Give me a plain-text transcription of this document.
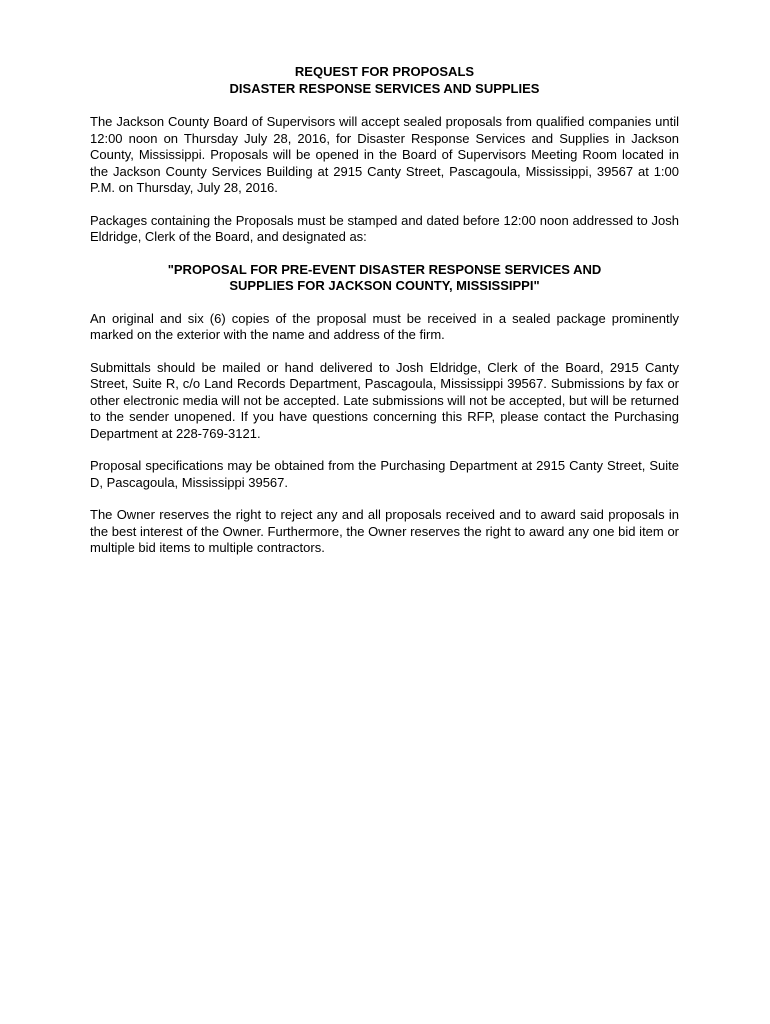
REQUEST FOR PROPOSALS

DISASTER RESPONSE SERVICES AND SUPPLIES

The Jackson County Board of Supervisors will accept sealed proposals from qualified companies until 12:00 noon on Thursday July 28, 2016, for Disaster Response Services and Supplies in Jackson County, Mississippi. Proposals will be opened in the Board of Supervisors Meeting Room located in the Jackson County Services Building at 2915 Canty Street, Pascagoula, Mississippi, 39567 at 1:00 P.M. on Thursday, July 28, 2016.

Packages containing the Proposals must be stamped and dated before 12:00 noon addressed to Josh Eldridge, Clerk of the Board, and designated as:

"PROPOSAL FOR PRE-EVENT DISASTER RESPONSE SERVICES AND
SUPPLIES FOR JACKSON COUNTY, MISSISSIPPI"

An original and six (6) copies of the proposal must be received in a sealed package prominently marked on the exterior with the name and address of the firm.

Submittals should be mailed or hand delivered to Josh Eldridge, Clerk of the Board, 2915 Canty Street, Suite R, c/o Land Records Department, Pascagoula, Mississippi 39567. Submissions by fax or other electronic media will not be accepted. Late submissions will not be accepted, but will be returned to the sender unopened. If you have questions concerning this RFP, please contact the Purchasing Department at 228-769-3121.

Proposal specifications may be obtained from the Purchasing Department at 2915 Canty Street, Suite D, Pascagoula, Mississippi 39567.

The Owner reserves the right to reject any and all proposals received and to award said proposals in the best interest of the Owner. Furthermore, the Owner reserves the right to award any one bid item or multiple bid items to multiple contractors.
